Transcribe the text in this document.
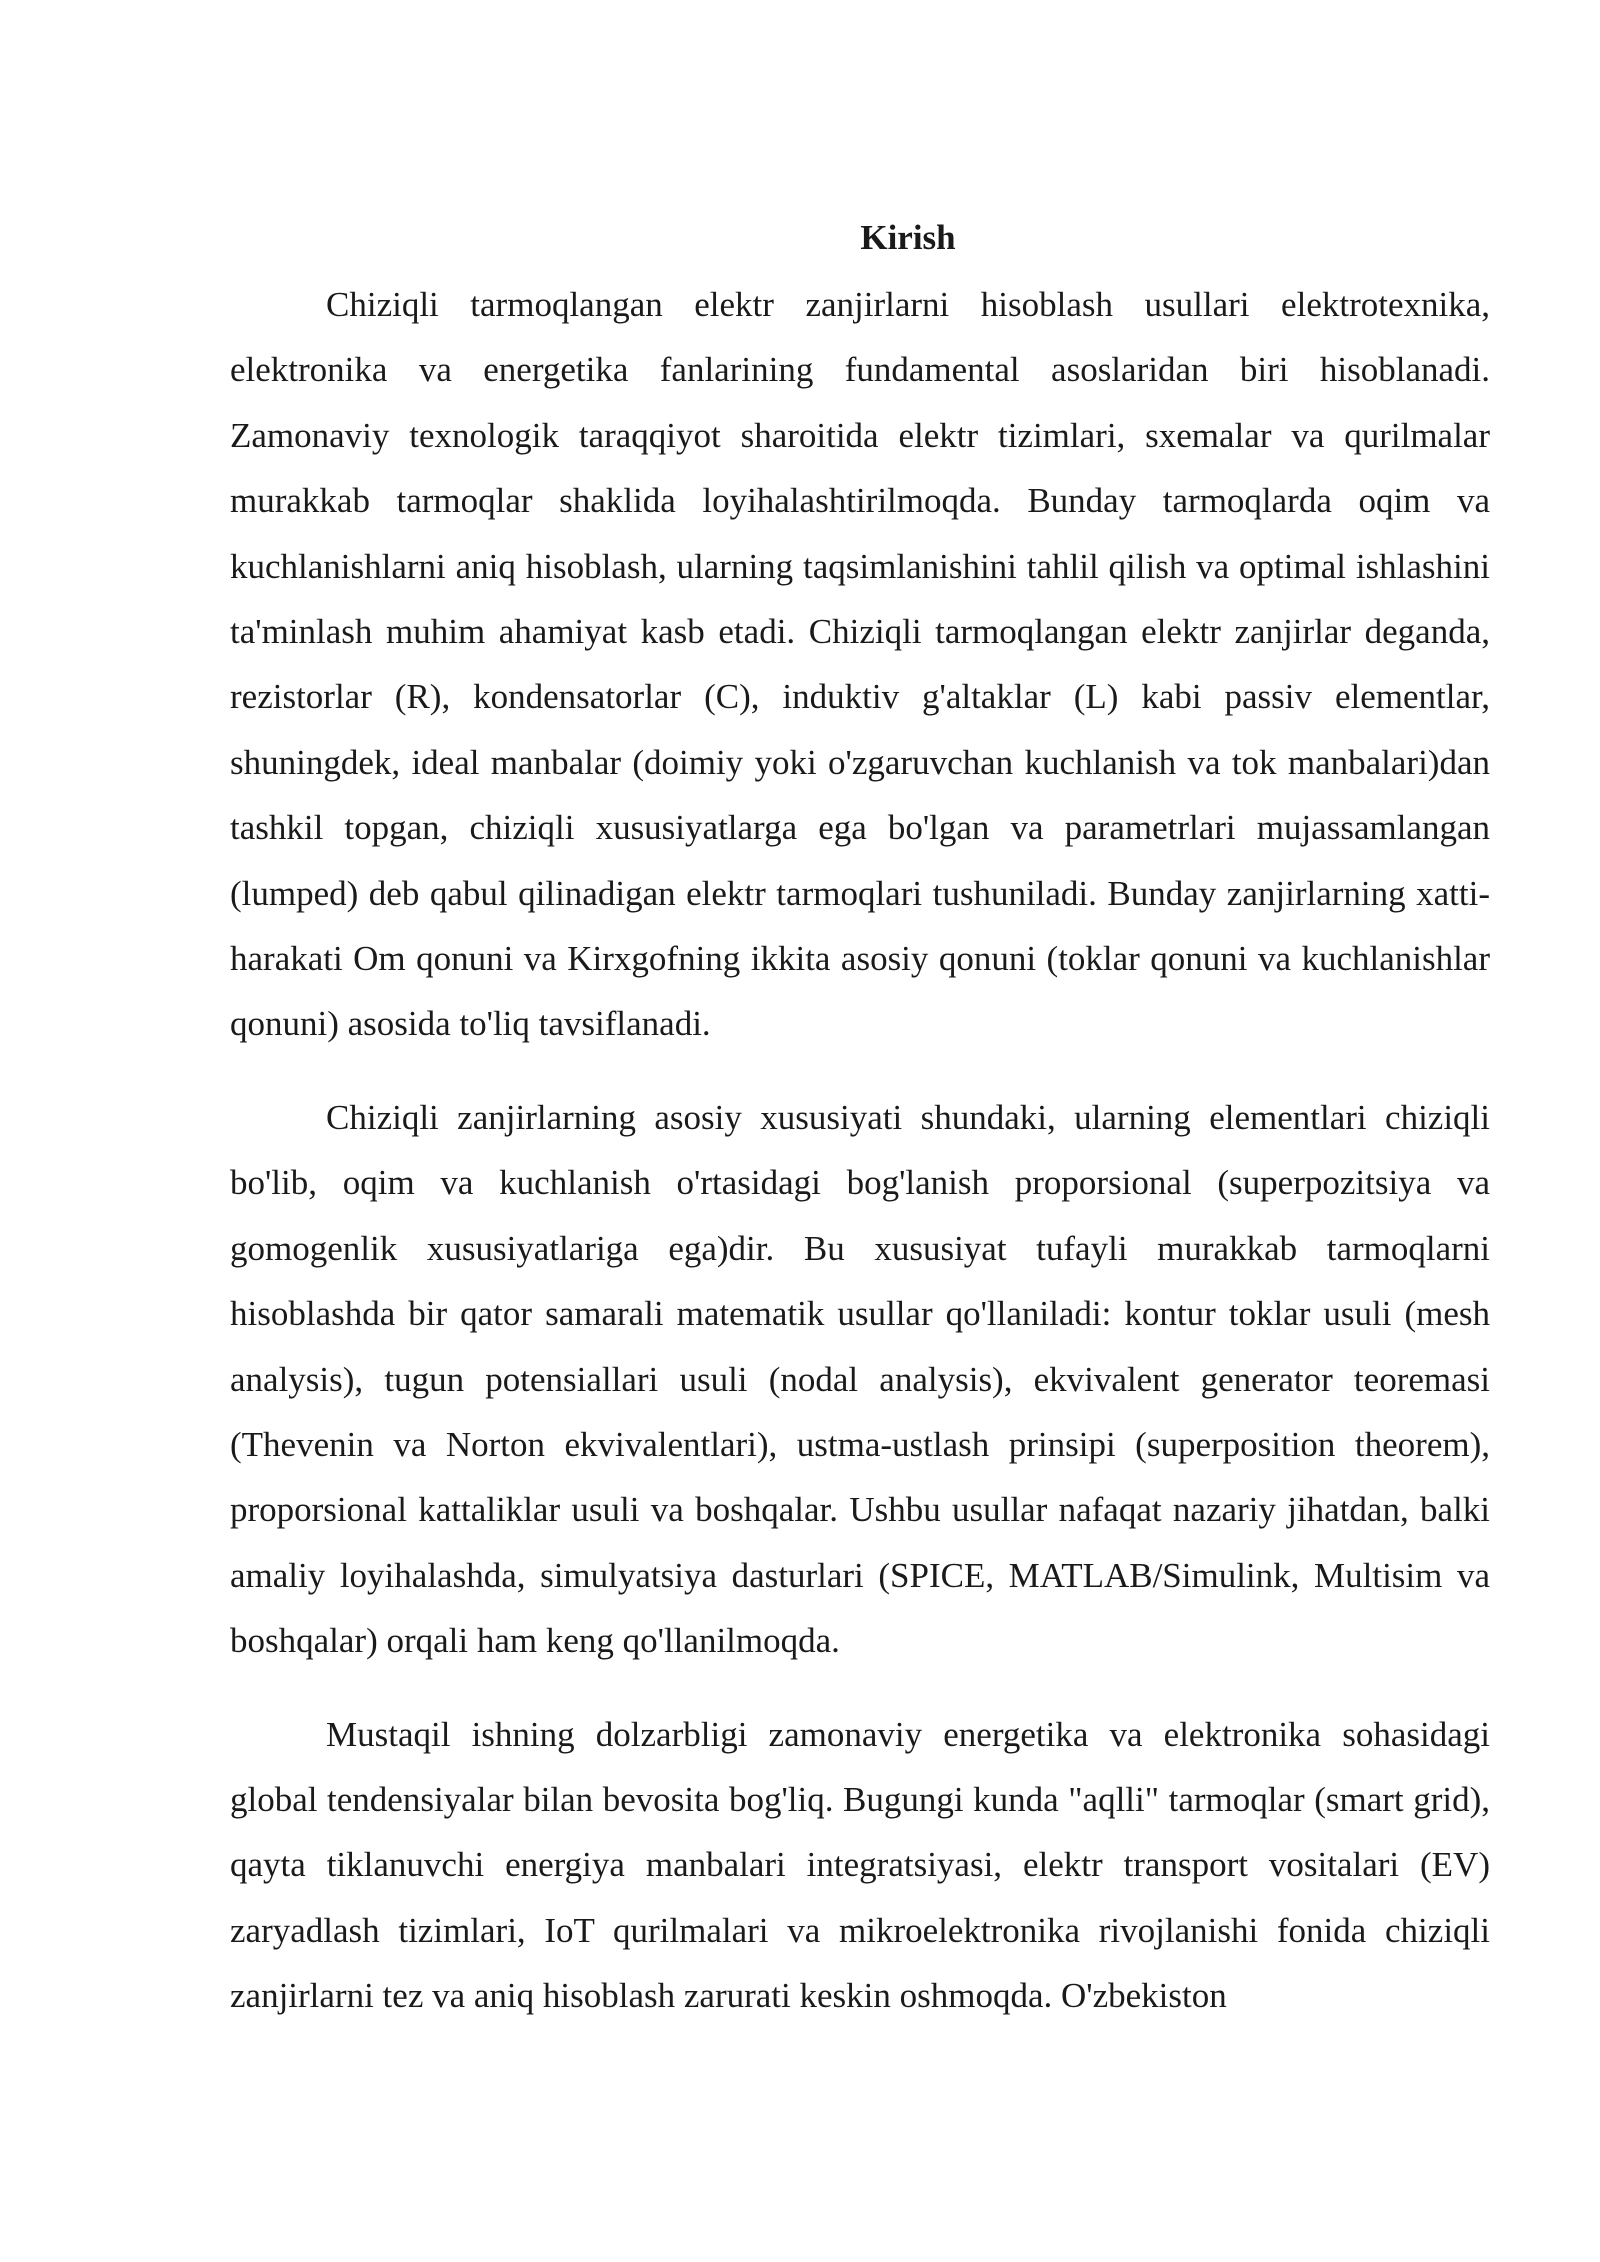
Kirish

Chiziqli tarmoqlangan elektr zanjirlarni hisoblash usullari elektrotexnika, elektronika va energetika fanlarining fundamental asoslaridan biri hisoblanadi. Zamonaviy texnologik taraqqiyot sharoitida elektr tizimlari, sxemalar va qurilmalar murakkab tarmoqlar shaklida loyihalashtirilmoqda. Bunday tarmoqlarda oqim va kuchlanishlarni aniq hisoblash, ularning taqsimlanishini tahlil qilish va optimal ishlashini ta'minlash muhim ahamiyat kasb etadi. Chiziqli tarmoqlangan elektr zanjirlar deganda, rezistorlar (R), kondensatorlar (C), induktiv g'altaklar (L) kabi passiv elementlar, shuningdek, ideal manbalar (doimiy yoki o'zgaruvchan kuchlanish va tok manbalari)dan tashkil topgan, chiziqli xususiyatlarga ega bo'lgan va parametrlari mujassamlangan (lumped) deb qabul qilinadigan elektr tarmoqlari tushuniladi. Bunday zanjirlarning xatti-harakati Om qonuni va Kirxgofning ikkita asosiy qonuni (toklar qonuni va kuchlanishlar qonuni) asosida to'liq tavsiflanadi.

Chiziqli zanjirlarning asosiy xususiyati shundaki, ularning elementlari chiziqli bo'lib, oqim va kuchlanish o'rtasidagi bog'lanish proporsional (superpozitsiya va gomogenlik xususiyatlariga ega)dir. Bu xususiyat tufayli murakkab tarmoqlarni hisoblashda bir qator samarali matematik usullar qo'llaniladi: kontur toklar usuli (mesh analysis), tugun potensiallari usuli (nodal analysis), ekvivalent generator teoremasi (Thevenin va Norton ekvivalentlari), ustma-ustlash prinsipi (superposition theorem), proporsional kattaliklar usuli va boshqalar. Ushbu usullar nafaqat nazariy jihatdan, balki amaliy loyihalashda, simulyatsiya dasturlari (SPICE, MATLAB/Simulink, Multisim va boshqalar) orqali ham keng qo'llanilmoqda.

Mustaqil ishning dolzarbligi zamonaviy energetika va elektronika sohasidagi global tendensiyalar bilan bevosita bog'liq. Bugungi kunda "aqlli" tarmoqlar (smart grid), qayta tiklanuvchi energiya manbalari integratsiyasi, elektr transport vositalari (EV) zaryadlash tizimlari, IoT qurilmalari va mikroelektronika rivojlanishi fonida chiziqli zanjirlarni tez va aniq hisoblash zarurati keskin oshmoqda. O'zbekiston
